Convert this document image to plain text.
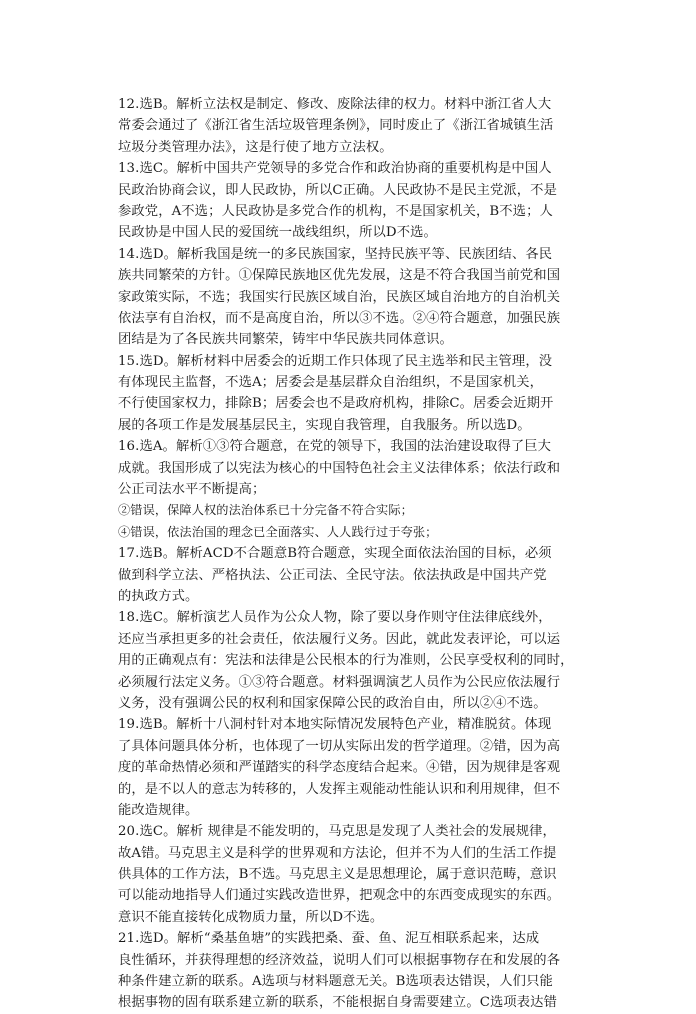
12.选B。解析立法权是制定、修改、废除法律的权力。材料中浙江省人大
常委会通过了《浙江省生活垃圾管理条例》，同时废止了《浙江省城镇生活
垃圾分类管理办法》，这是行使了地方立法权。
13.选C。解析中国共产党领导的多党合作和政治协商的重要机构是中国人
民政治协商会议，即人民政协，所以C正确。人民政协不是民主党派，不是
参政党，A不选；人民政协是多党合作的机构，不是国家机关，B不选；人
民政协是中国人民的爱国统一战线组织，所以D不选。
14.选D。解析我国是统一的多民族国家，坚持民族平等、民族团结、各民
族共同繁荣的方针。①保障民族地区优先发展，这是不符合我国当前党和国
家政策实际，不选；我国实行民族区域自治，民族区域自治地方的自治机关
依法享有自治权，而不是高度自治，所以③不选。②④符合题意，加强民族
团结是为了各民族共同繁荣，铸牢中华民族共同体意识。
15.选D。解析材料中居委会的近期工作只体现了民主选举和民主管理，没
有体现民主监督，不选A；居委会是基层群众自治组织，不是国家机关，
不行使国家权力，排除B；居委会也不是政府机构，排除C。居委会近期开
展的各项工作是发展基层民主，实现自我管理，自我服务。所以选D。
16.选A。解析①③符合题意，在党的领导下，我国的法治建设取得了巨大
成就。我国形成了以宪法为核心的中国特色社会主义法律体系；依法行政和
公正司法水平不断提高；
②错误，保障人权的法治体系已十分完备不符合实际；
④错误，依法治国的理念已全面落实、人人践行过于夸张；
17.选B。解析ACD不合题意B符合题意，实现全面依法治国的目标，必须
做到科学立法、严格执法、公正司法、全民守法。依法执政是中国共产党
的执政方式。
18.选C。解析演艺人员作为公众人物，除了要以身作则守住法律底线外，
还应当承担更多的社会责任，依法履行义务。因此，就此发表评论，可以运
用的正确观点有：宪法和法律是公民根本的行为准则，公民享受权利的同时，
必须履行法定义务。①③符合题意。材料强调演艺人员作为公民应依法履行
义务，没有强调公民的权利和国家保障公民的政治自由，所以②④不选。
19.选B。解析十八洞村针对本地实际情况发展特色产业，精准脱贫。体现
了具体问题具体分析，也体现了一切从实际出发的哲学道理。②错，因为高
度的革命热情必须和严谨踏实的科学态度结合起来。④错，因为规律是客观
的，是不以人的意志为转移的，人发挥主观能动性能认识和利用规律，但不
能改造规律。
20.选C。解析 规律是不能发明的，马克思是发现了人类社会的发展规律，
故A错。马克思主义是科学的世界观和方法论，但并不为人们的生活工作提
供具体的工作方法，B不选。马克思主义是思想理论，属于意识范畴，意识
可以能动地指导人们通过实践改造世界，把观念中的东西变成现实的东西。
意识不能直接转化成物质力量，所以D不选。
21.选D。解析“桑基鱼塘”的实践把桑、蚕、鱼、泥互相联系起来，达成
良性循环，并获得理想的经济效益，说明人们可以根据事物存在和发展的各
种条件建立新的联系。A选项与材料题意无关。B选项表达错误，人们只能
根据事物的固有联系建立新的联系，不能根据自身需要建立。C选项表达错
